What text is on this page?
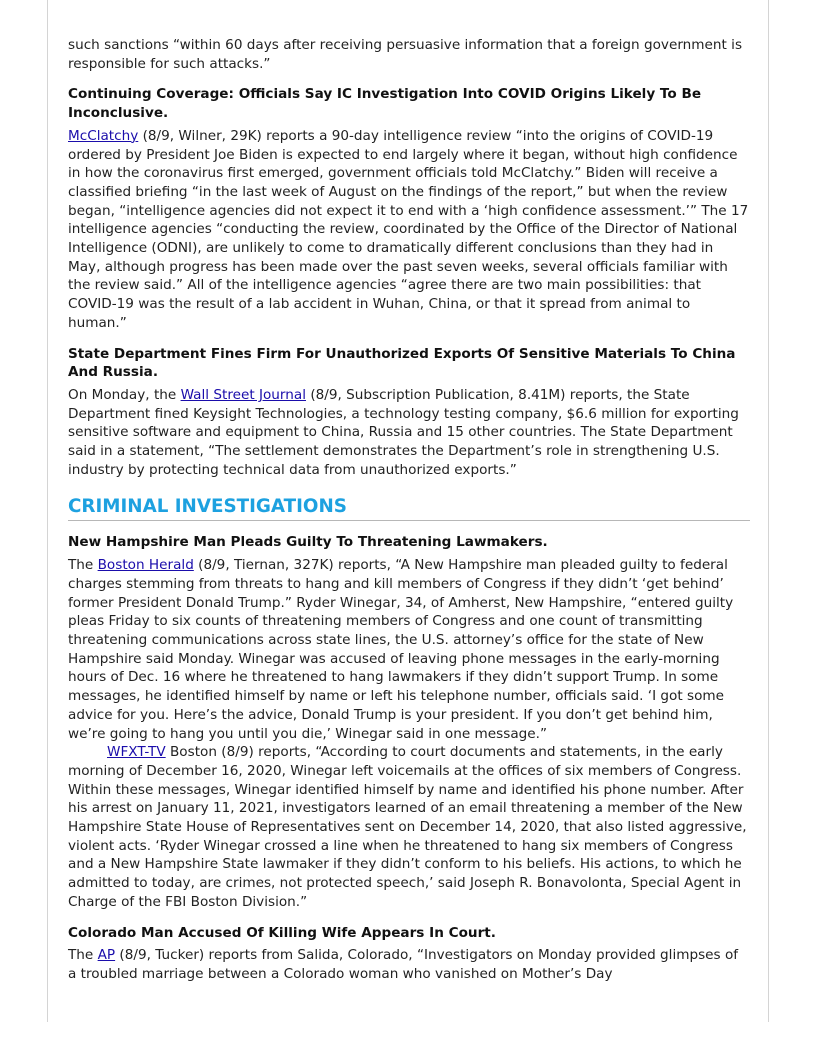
such sanctions “within 60 days after receiving persuasive information that a foreign government is responsible for such attacks.”

Continuing Coverage: Officials Say IC Investigation Into COVID Origins Likely To Be Inconclusive.

McClatchy (8/9, Wilner, 29K) reports a 90-day intelligence review “into the origins of COVID-19 ordered by President Joe Biden is expected to end largely where it began, without high confidence in how the coronavirus first emerged, government officials told McClatchy.” Biden will receive a classified briefing “in the last week of August on the findings of the report,” but when the review began, “intelligence agencies did not expect it to end with a ‘high confidence assessment.’” The 17 intelligence agencies “conducting the review, coordinated by the Office of the Director of National Intelligence (ODNI), are unlikely to come to dramatically different conclusions than they had in May, although progress has been made over the past seven weeks, several officials familiar with the review said.” All of the intelligence agencies “agree there are two main possibilities: that COVID-19 was the result of a lab accident in Wuhan, China, or that it spread from animal to human.”

State Department Fines Firm For Unauthorized Exports Of Sensitive Materials To China And Russia.

On Monday, the Wall Street Journal (8/9, Subscription Publication, 8.41M) reports, the State Department fined Keysight Technologies, a technology testing company, $6.6 million for exporting sensitive software and equipment to China, Russia and 15 other countries. The State Department said in a statement, “The settlement demonstrates the Department’s role in strengthening U.S. industry by protecting technical data from unauthorized exports.”

CRIMINAL INVESTIGATIONS
New Hampshire Man Pleads Guilty To Threatening Lawmakers.

The Boston Herald (8/9, Tiernan, 327K) reports, “A New Hampshire man pleaded guilty to federal charges stemming from threats to hang and kill members of Congress if they didn’t ‘get behind’ former President Donald Trump.” Ryder Winegar, 34, of Amherst, New Hampshire, “entered guilty pleas Friday to six counts of threatening members of Congress and one count of transmitting threatening communications across state lines, the U.S. attorney’s office for the state of New Hampshire said Monday. Winegar was accused of leaving phone messages in the early-morning hours of Dec. 16 where he threatened to hang lawmakers if they didn’t support Trump. In some messages, he identified himself by name or left his telephone number, officials said. ‘I got some advice for you. Here’s the advice, Donald Trump is your president. If you don’t get behind him, we’re going to hang you until you die,’ Winegar said in one message.”

WFXT-TV Boston (8/9) reports, “According to court documents and statements, in the early morning of December 16, 2020, Winegar left voicemails at the offices of six members of Congress. Within these messages, Winegar identified himself by name and identified his phone number. After his arrest on January 11, 2021, investigators learned of an email threatening a member of the New Hampshire State House of Representatives sent on December 14, 2020, that also listed aggressive, violent acts. ‘Ryder Winegar crossed a line when he threatened to hang six members of Congress and a New Hampshire State lawmaker if they didn’t conform to his beliefs. His actions, to which he admitted to today, are crimes, not protected speech,’ said Joseph R. Bonavolonta, Special Agent in Charge of the FBI Boston Division.”

Colorado Man Accused Of Killing Wife Appears In Court.

The AP (8/9, Tucker) reports from Salida, Colorado, “Investigators on Monday provided glimpses of a troubled marriage between a Colorado woman who vanished on Mother’s Day
